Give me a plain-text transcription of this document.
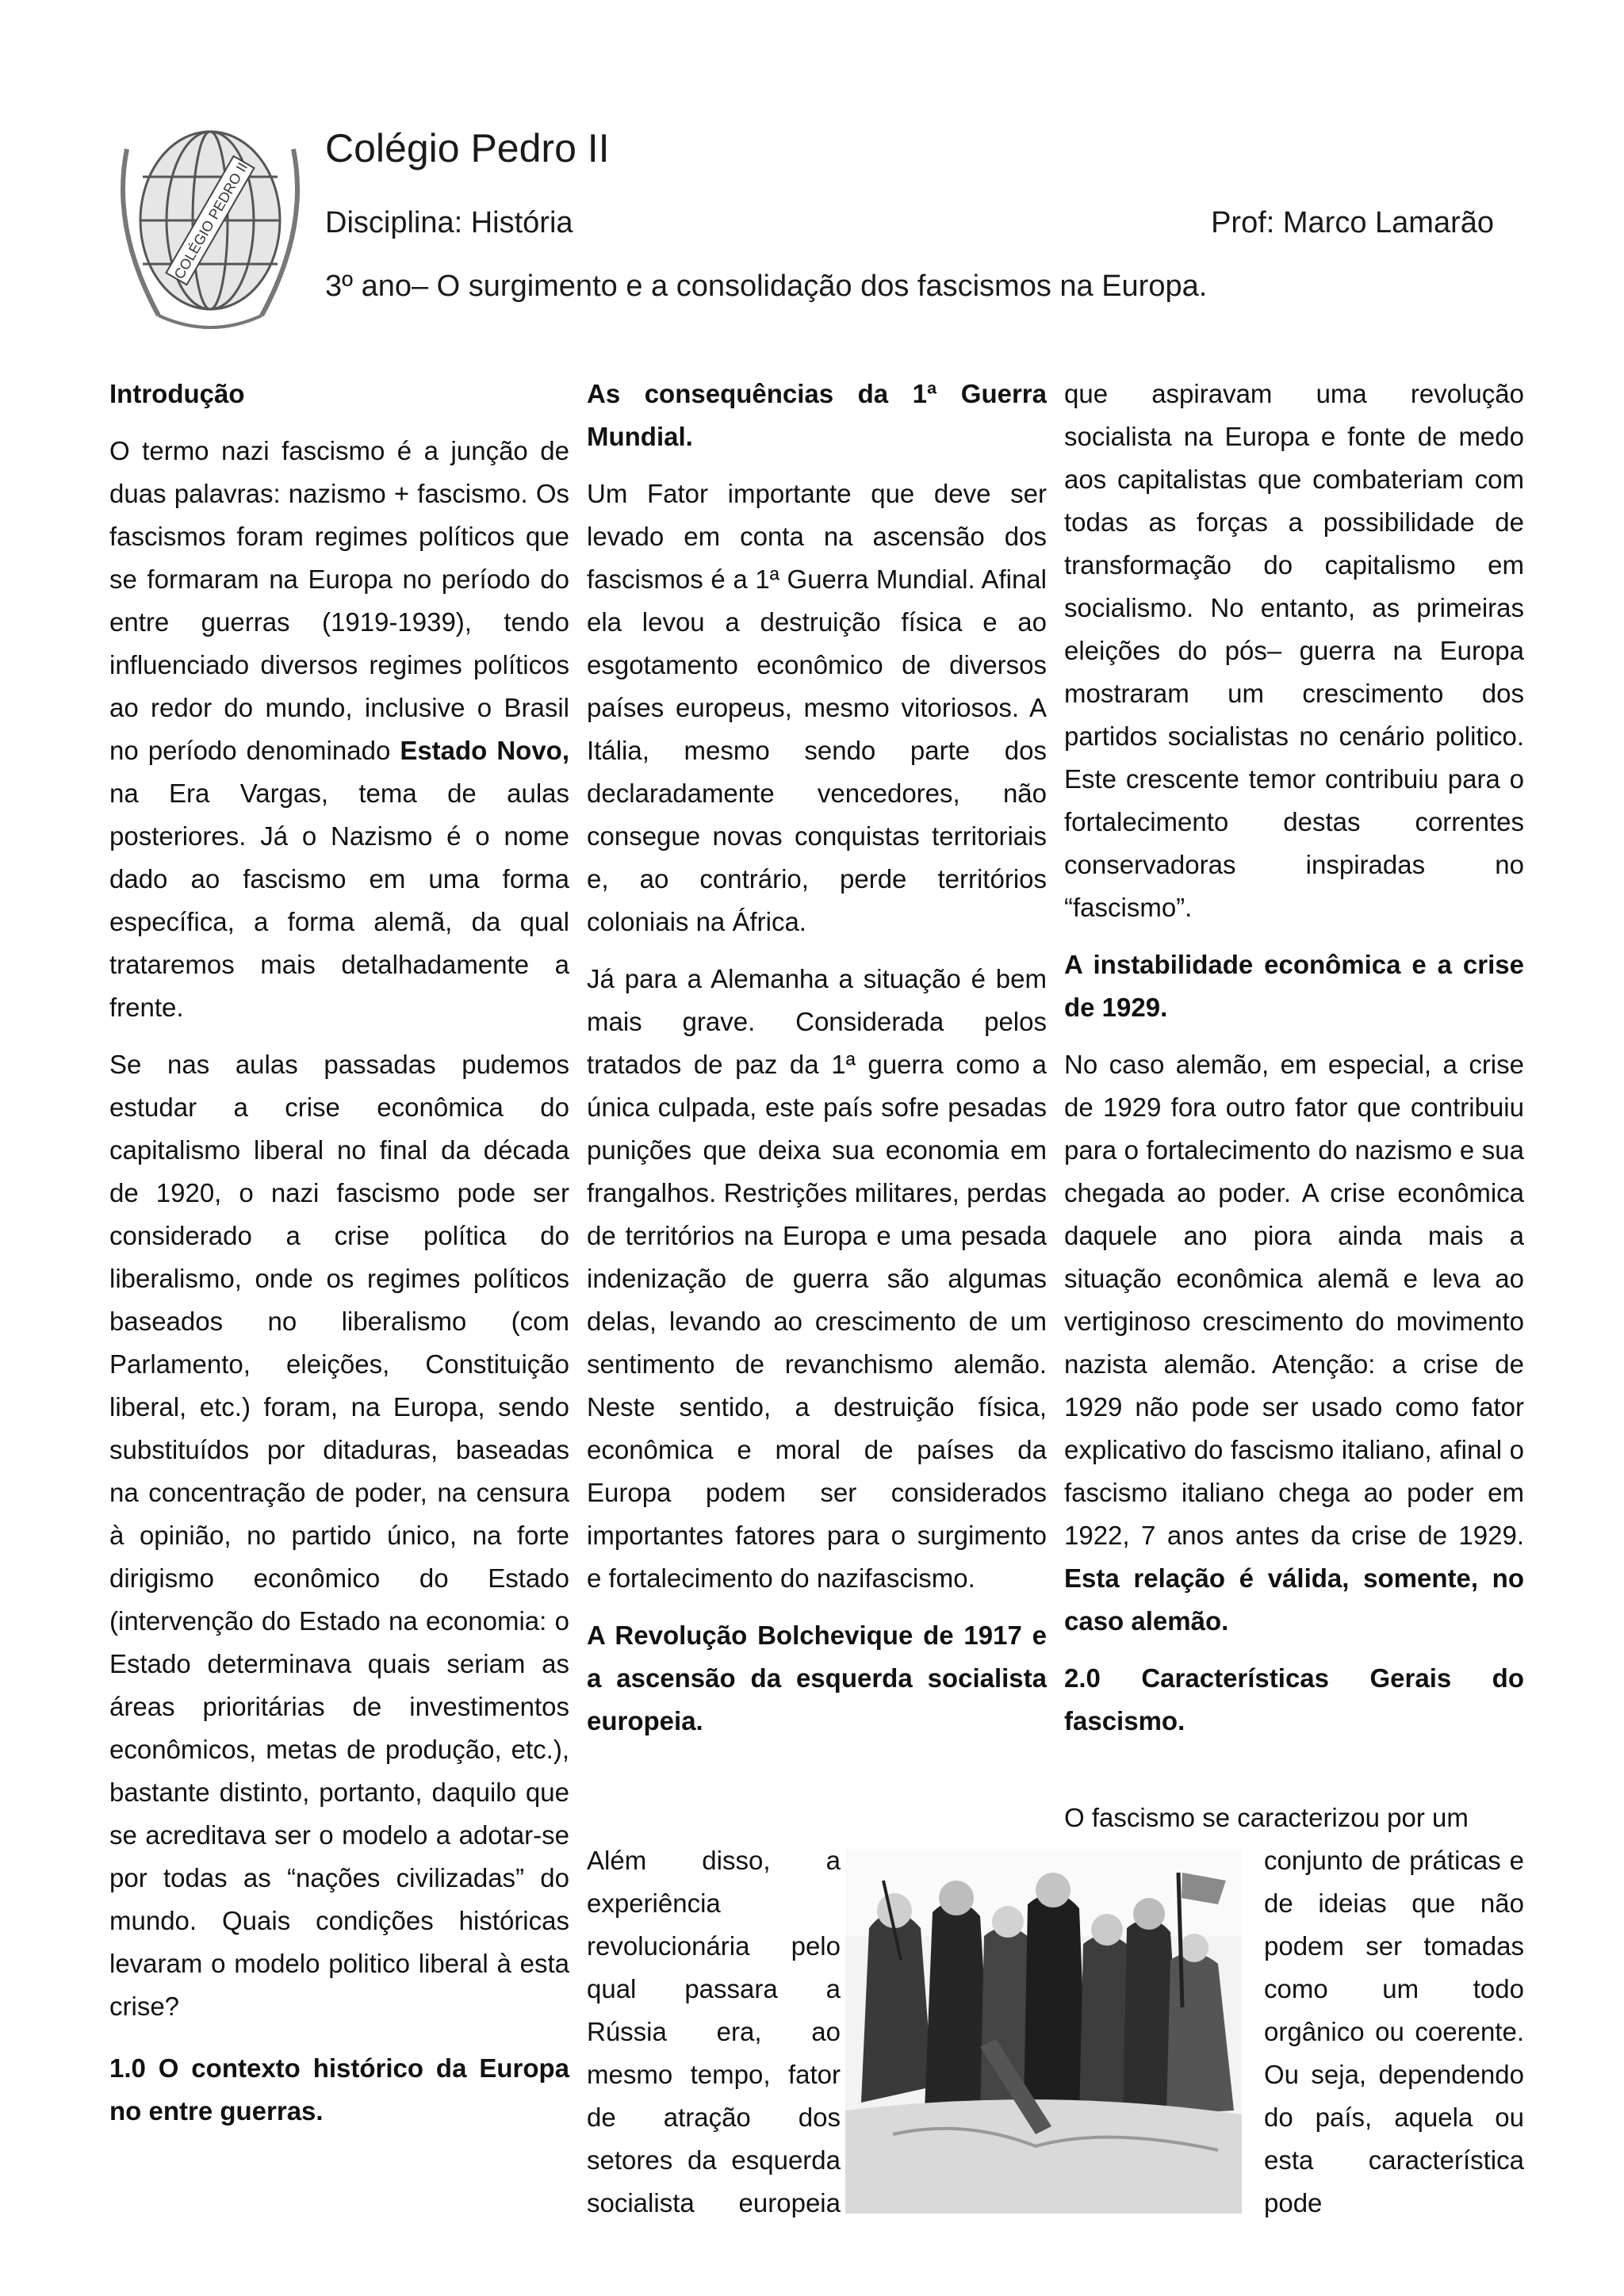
COLÉGIO PEDRO II
Colégio Pedro II
Disciplina: História	Prof: Marco Lamarão
3º ano– O surgimento e a consolidação dos fascismos na Europa.
Introdução

O termo nazi fascismo é a junção de duas palavras: nazismo + fascismo. Os fascismos foram regimes políticos que se formaram na Europa no período do entre guerras (1919-1939), tendo influenciado diversos regimes políticos ao redor do mundo, inclusive o Brasil no período denominado Estado Novo, na Era Vargas, tema de aulas posteriores. Já o Nazismo é o nome dado ao fascismo em uma forma específica, a forma alemã, da qual trataremos mais detalhadamente a frente.

Se nas aulas passadas pudemos estudar a crise econômica do capitalismo liberal no final da década de 1920, o nazi fascismo pode ser considerado a crise política do liberalismo, onde os regimes políticos baseados no liberalismo (com Parlamento, eleições, Constituição liberal, etc.) foram, na Europa, sendo substituídos por ditaduras, baseadas na concentração de poder, na censura à opinião, no partido único, na forte dirigismo econômico do Estado (intervenção do Estado na economia: o Estado determinava quais seriam as áreas prioritárias de investimentos econômicos, metas de produção, etc.), bastante distinto, portanto, daquilo que se acreditava ser o modelo a adotar-se por todas as “nações civilizadas” do mundo. Quais condições históricas levaram o modelo politico liberal à esta crise?

1.0 O contexto histórico da Europa no entre guerras.
As consequências da 1ª Guerra Mundial.

Um Fator importante que deve ser levado em conta na ascensão dos fascismos é a 1ª Guerra Mundial. Afinal ela levou a destruição física e ao esgotamento econômico de diversos países europeus, mesmo vitoriosos. A Itália, mesmo sendo parte dos declaradamente vencedores, não consegue novas conquistas territoriais e, ao contrário, perde territórios coloniais na África.

Já para a Alemanha a situação é bem mais grave. Considerada pelos tratados de paz da 1ª guerra como a única culpada, este país sofre pesadas punições que deixa sua economia em frangalhos. Restrições militares, perdas de territórios na Europa e uma pesada indenização de guerra são algumas delas, levando ao crescimento de um sentimento de revanchismo alemão. Neste sentido, a destruição física, econômica e moral de países da Europa podem ser considerados importantes fatores para o surgimento e fortalecimento do nazifascismo.

A Revolução Bolchevique de 1917 e a ascensão da esquerda socialista europeia.
Além disso, a experiência revolucionária pelo qual passara a Rússia era, ao mesmo tempo, fator de atração dos setores da esquerda socialista europeia

que aspiravam uma revolução socialista na Europa e fonte de medo aos capitalistas que combateriam com todas as forças a possibilidade de transformação do capitalismo em socialismo. No entanto, as primeiras eleições do pós– guerra na Europa mostraram um crescimento dos partidos socialistas no cenário politico. Este crescente temor contribuiu para o fortalecimento destas correntes conservadoras inspiradas no “fascismo”.

A instabilidade econômica e a crise de 1929.

No caso alemão, em especial, a crise de 1929 fora outro fator que contribuiu para o fortalecimento do nazismo e sua chegada ao poder. A crise econômica daquele ano piora ainda mais a situação econômica alemã e leva ao vertiginoso crescimento do movimento nazista alemão. Atenção: a crise de 1929 não pode ser usado como fator explicativo do fascismo italiano, afinal o fascismo italiano chega ao poder em 1922, 7 anos antes da crise de 1929. Esta relação é válida, somente, no caso alemão.

2.0 Características Gerais do fascismo.
O fascismo se caracterizou por um
conjunto de práticas e de ideias que não podem ser tomadas como um todo orgânico ou coerente. Ou seja, dependendo do país, aquela ou esta característica pode
